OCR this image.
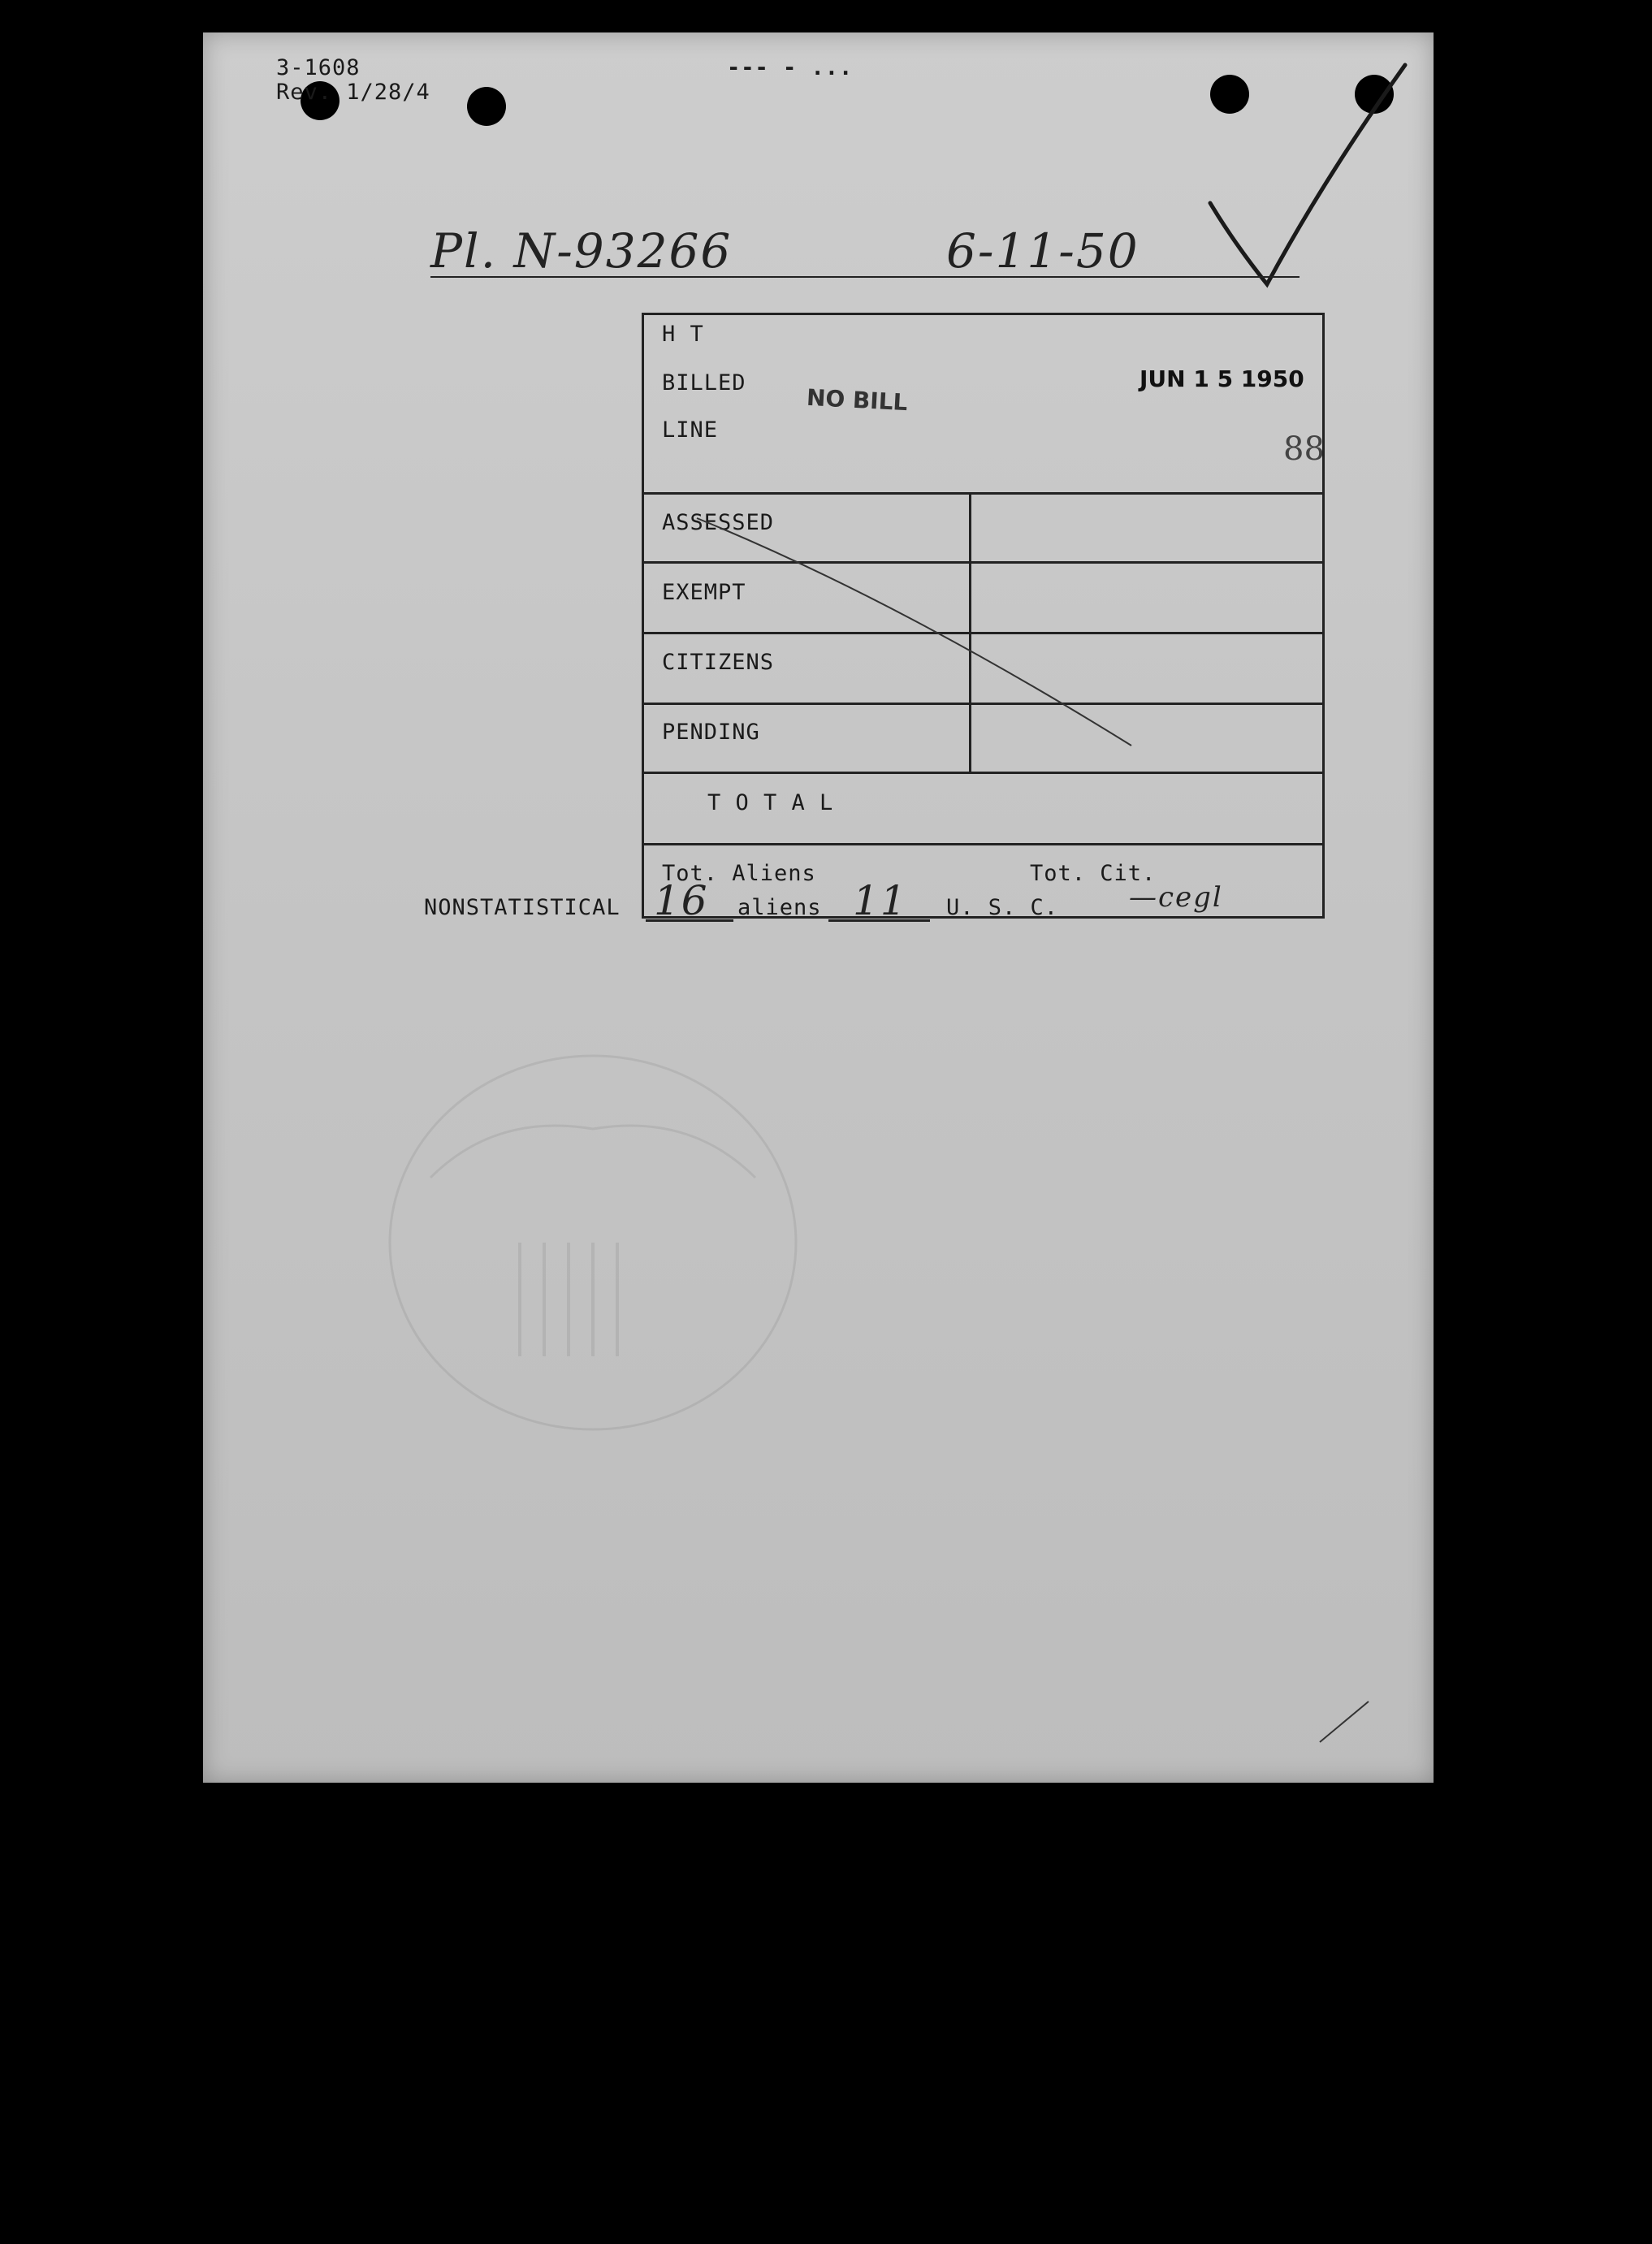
3-1608
Rev. 1/28/4
--- - ...
Pl. N-93266	6-11-50
88
H T
BILLED
LINE
NO BILL
JUN 1 5 1950
ASSESSED
EXEMPT
CITIZENS
PENDING
T O T A L
Tot. Aliens	Tot. Cit.
NONSTATISTICAL 16 aliens 11 U. S. C.	—cegl
